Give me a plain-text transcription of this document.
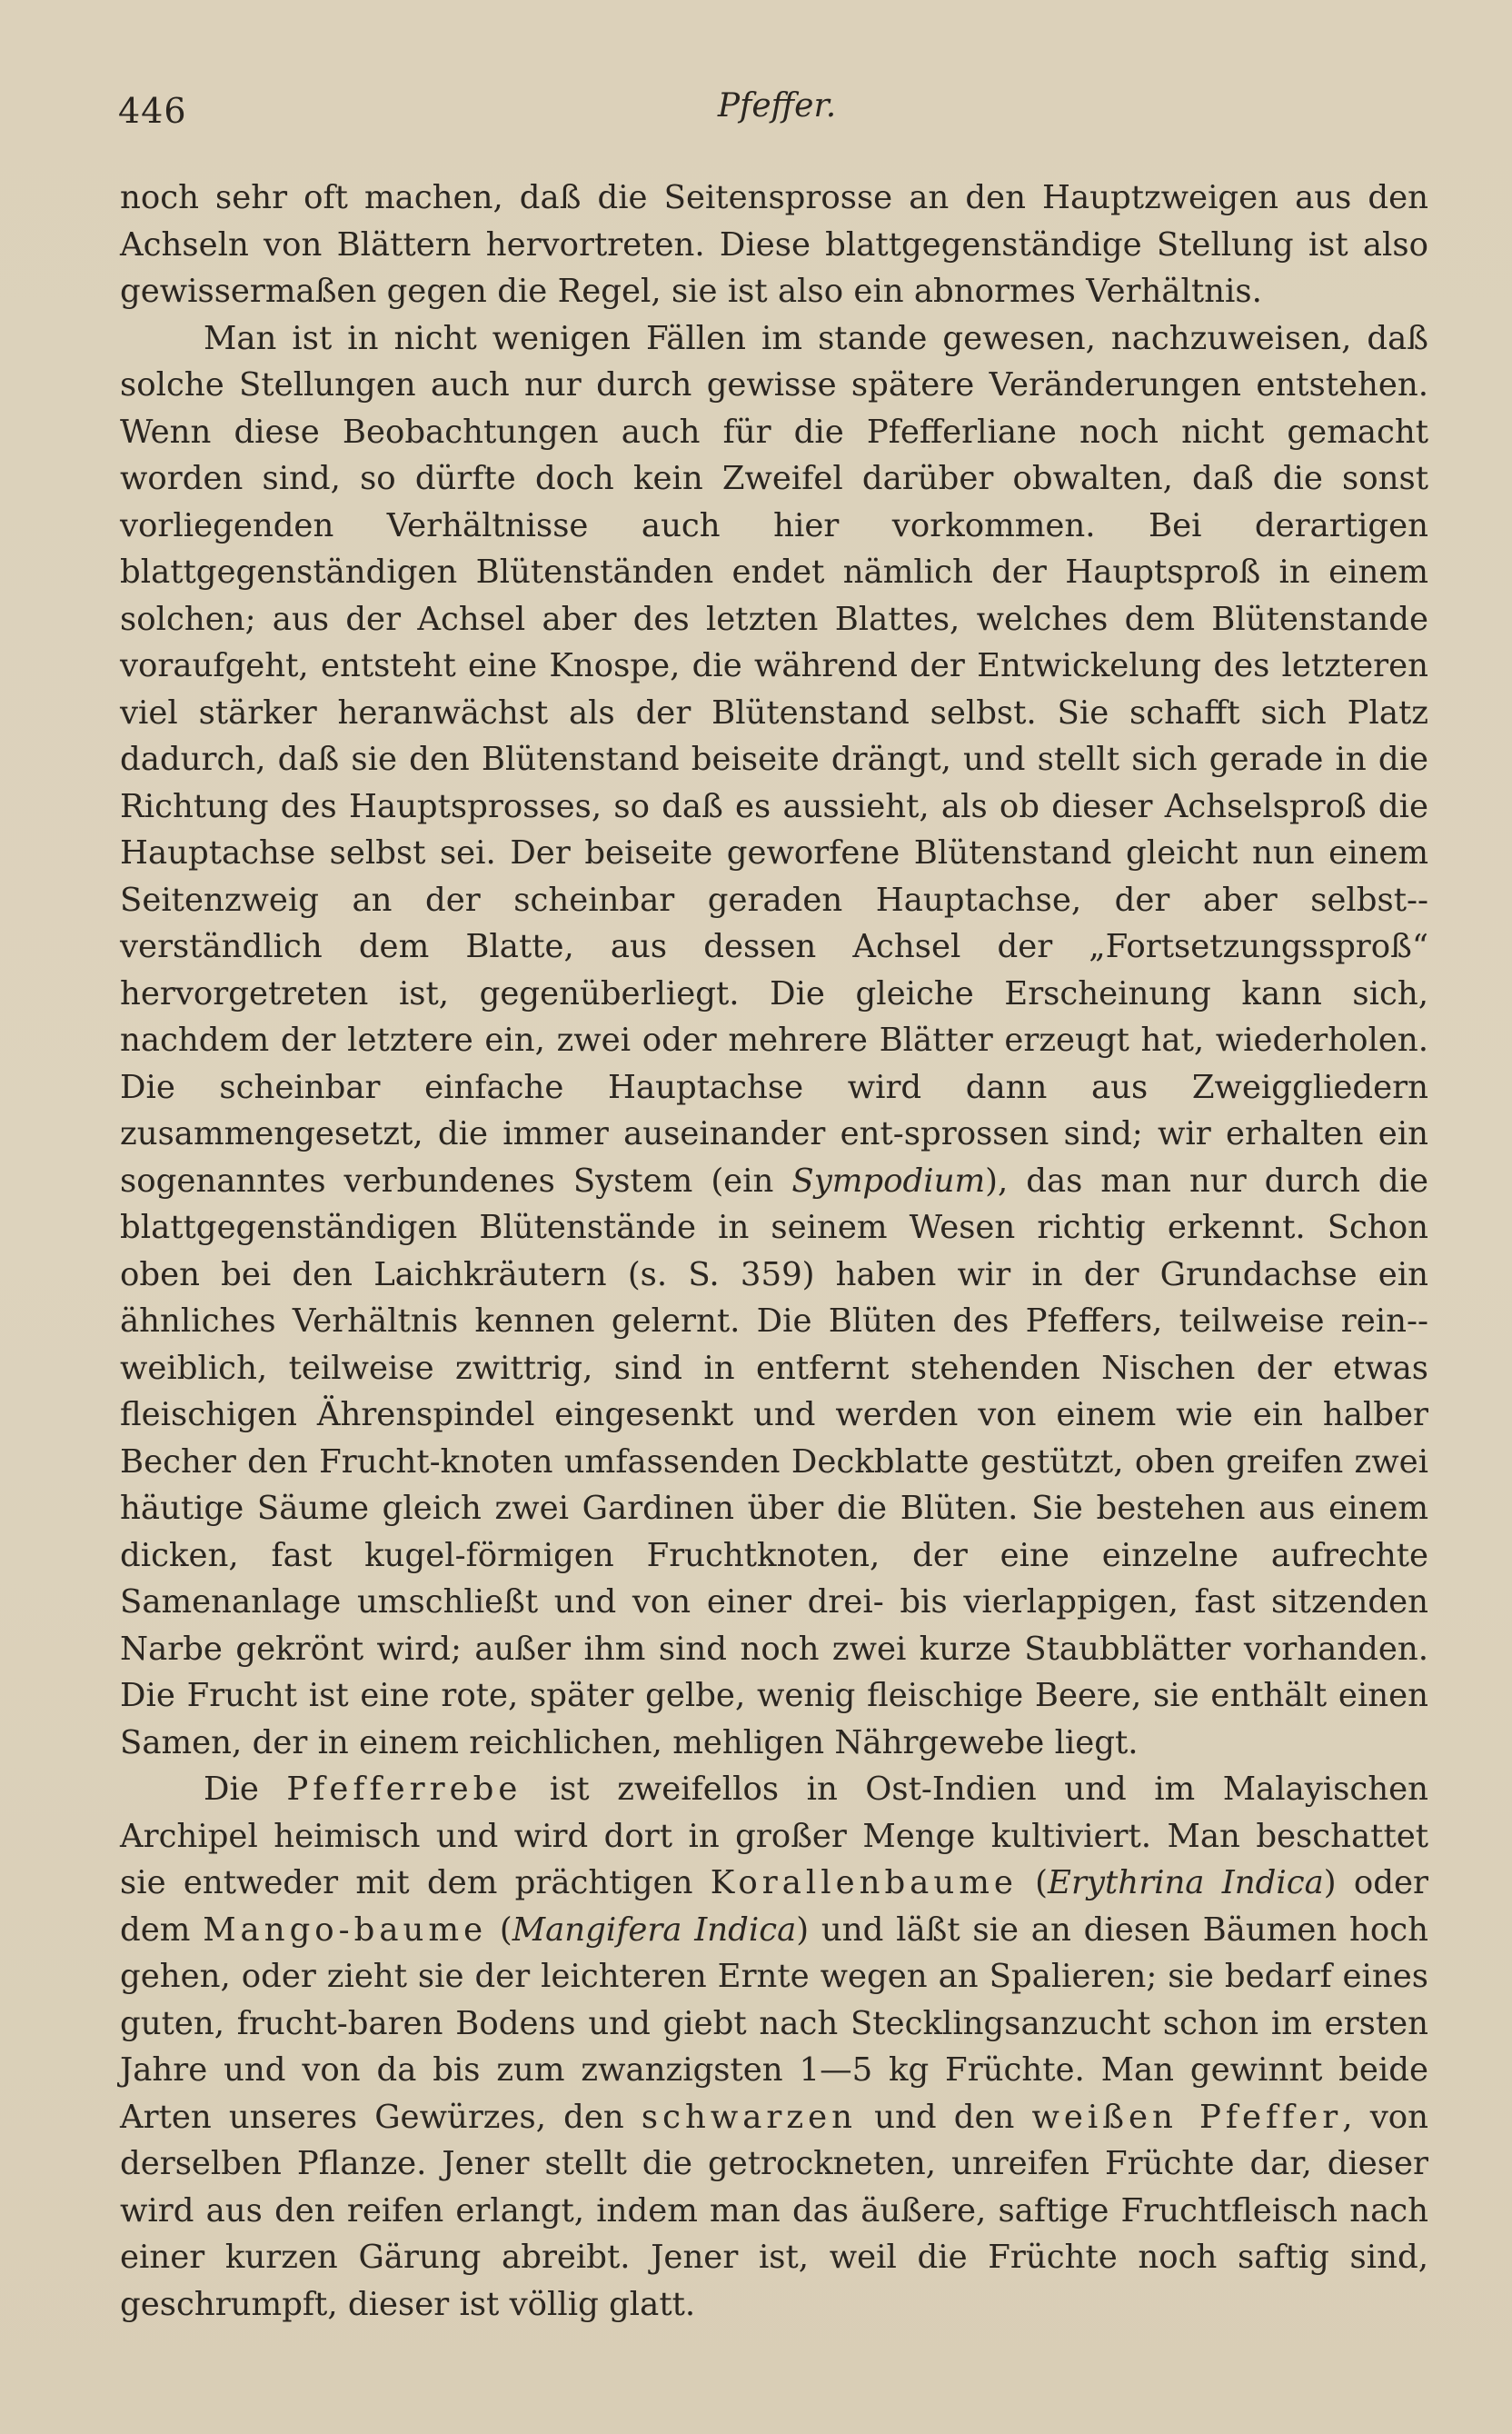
446	Pfeffer.

noch sehr oft machen, daß die Seitensprosse an den Hauptzweigen aus den Achseln von Blättern hervortreten. Diese blattgegenständige Stellung ist also gewissermaßen gegen die Regel, sie ist also ein abnormes Verhältnis.

Man ist in nicht wenigen Fällen im stande gewesen, nachzuweisen, daß solche Stellungen auch nur durch gewisse spätere Veränderungen entstehen. Wenn diese Beobachtungen auch für die Pfefferliane noch nicht gemacht worden sind, so dürfte doch kein Zweifel darüber obwalten, daß die sonst vorliegenden Verhältnisse auch hier vorkommen. Bei derartigen blattgegenständigen Blütenständen endet nämlich der Hauptsproß in einem solchen; aus der Achsel aber des letzten Blattes, welches dem Blütenstande voraufgeht, entsteht eine Knospe, die während der Entwickelung des letzteren viel stärker heranwächst als der Blütenstand selbst. Sie schafft sich Platz dadurch, daß sie den Blütenstand beiseite drängt, und stellt sich gerade in die Richtung des Hauptsprosses, so daß es aussieht, als ob dieser Achselsproß die Hauptachse selbst sei. Der beiseite geworfene Blütenstand gleicht nun einem Seitenzweig an der scheinbar geraden Hauptachse, der aber selbst-verständlich dem Blatte, aus dessen Achsel der „Fortsetzungssproß“ hervorgetreten ist, gegenüberliegt. Die gleiche Erscheinung kann sich, nachdem der letztere ein, zwei oder mehrere Blätter erzeugt hat, wiederholen. Die scheinbar einfache Hauptachse wird dann aus Zweiggliedern zusammengesetzt, die immer auseinander ent-sprossen sind; wir erhalten ein sogenanntes verbundenes System (ein Sympodium), das man nur durch die blattgegenständigen Blütenstände in seinem Wesen richtig erkennt. Schon oben bei den Laichkräutern (s. S. 359) haben wir in der Grundachse ein ähnliches Verhältnis kennen gelernt. Die Blüten des Pfeffers, teilweise rein-weiblich, teilweise zwittrig, sind in entfernt stehenden Nischen der etwas fleischigen Ährenspindel eingesenkt und werden von einem wie ein halber Becher den Frucht-knoten umfassenden Deckblatte gestützt, oben greifen zwei häutige Säume gleich zwei Gardinen über die Blüten. Sie bestehen aus einem dicken, fast kugel-förmigen Fruchtknoten, der eine einzelne aufrechte Samenanlage umschließt und von einer drei- bis vierlappigen, fast sitzenden Narbe gekrönt wird; außer ihm sind noch zwei kurze Staubblätter vorhanden. Die Frucht ist eine rote, später gelbe, wenig fleischige Beere, sie enthält einen Samen, der in einem reichlichen, mehligen Nährgewebe liegt.

Die Pfefferrebe ist zweifellos in Ost-Indien und im Malayischen Archipel heimisch und wird dort in großer Menge kultiviert. Man beschattet sie entweder mit dem prächtigen Korallenbaume (Erythrina Indica) oder dem Mango-baume (Mangifera Indica) und läßt sie an diesen Bäumen hoch gehen, oder zieht sie der leichteren Ernte wegen an Spalieren; sie bedarf eines guten, frucht-baren Bodens und giebt nach Stecklingsanzucht schon im ersten Jahre und von da bis zum zwanzigsten 1—5 kg Früchte. Man gewinnt beide Arten unseres Gewürzes, den schwarzen und den weißen Pfeffer, von derselben Pflanze. Jener stellt die getrockneten, unreifen Früchte dar, dieser wird aus den reifen erlangt, indem man das äußere, saftige Fruchtfleisch nach einer kurzen Gärung abreibt. Jener ist, weil die Früchte noch saftig sind, geschrumpft, dieser ist völlig glatt.
